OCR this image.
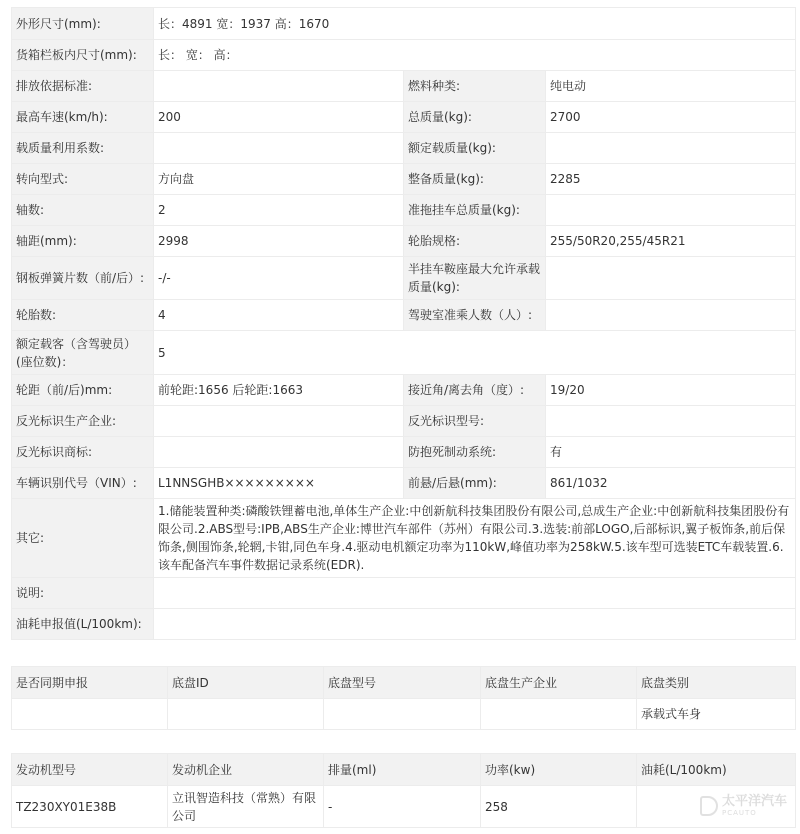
外形尺寸(mm):	长：4891 宽：1937 高：1670		
货箱栏板内尺寸(mm):	长： 宽： 高：		
排放依据标准:		燃料种类:	纯电动
最高车速(km/h):	200	总质量(kg):	2700
载质量利用系数:		额定载质量(kg):	
转向型式:	方向盘	整备质量(kg):	2285
轴数:	2	准拖挂车总质量(kg):	
轴距(mm):	2998	轮胎规格:	255/50R20,255/45R21
钢板弹簧片数（前/后）:	-/-	半挂车鞍座最大允许承载质量(kg):	
轮胎数:	4	驾驶室准乘人数（人）:	
额定载客（含驾驶员）(座位数)：	5		
轮距（前/后)mm:	前轮距:1656 后轮距:1663	接近角/离去角（度）:	19/20
反光标识生产企业:		反光标识型号:	
反光标识商标:		防抱死制动系统:	有
车辆识别代号（VIN）:	L1NNSGHB×××××××××	前悬/后悬(mm):	861/1032
其它:	1.储能装置种类:磷酸铁锂蓄电池,单体生产企业:中创新航科技集团股份有限公司,总成生产企业:中创新航科技集团股份有限公司.2.ABS型号:IPB,ABS生产企业:博世汽车部件（苏州）有限公司.3.选装:前部LOGO,后部标识,翼子板饰条,前后保饰条,侧围饰条,轮辋,卡钳,同色车身.4.驱动电机额定功率为110kW,峰值功率为258kW.5.该车型可选装ETC车载装置.6.该车配备汽车事件数据记录系统(EDR).		
说明:			
油耗申报值(L/100km):			
是否同期申报	底盘ID	底盘型号	底盘生产企业	底盘类别
				承载式车身
发动机型号	发动机企业	排量(ml)	功率(kw)	油耗(L/100km)
TZ230XY01E38B	立讯智造科技（常熟）有限公司	-	258		太平洋汽车
PCAUTO
